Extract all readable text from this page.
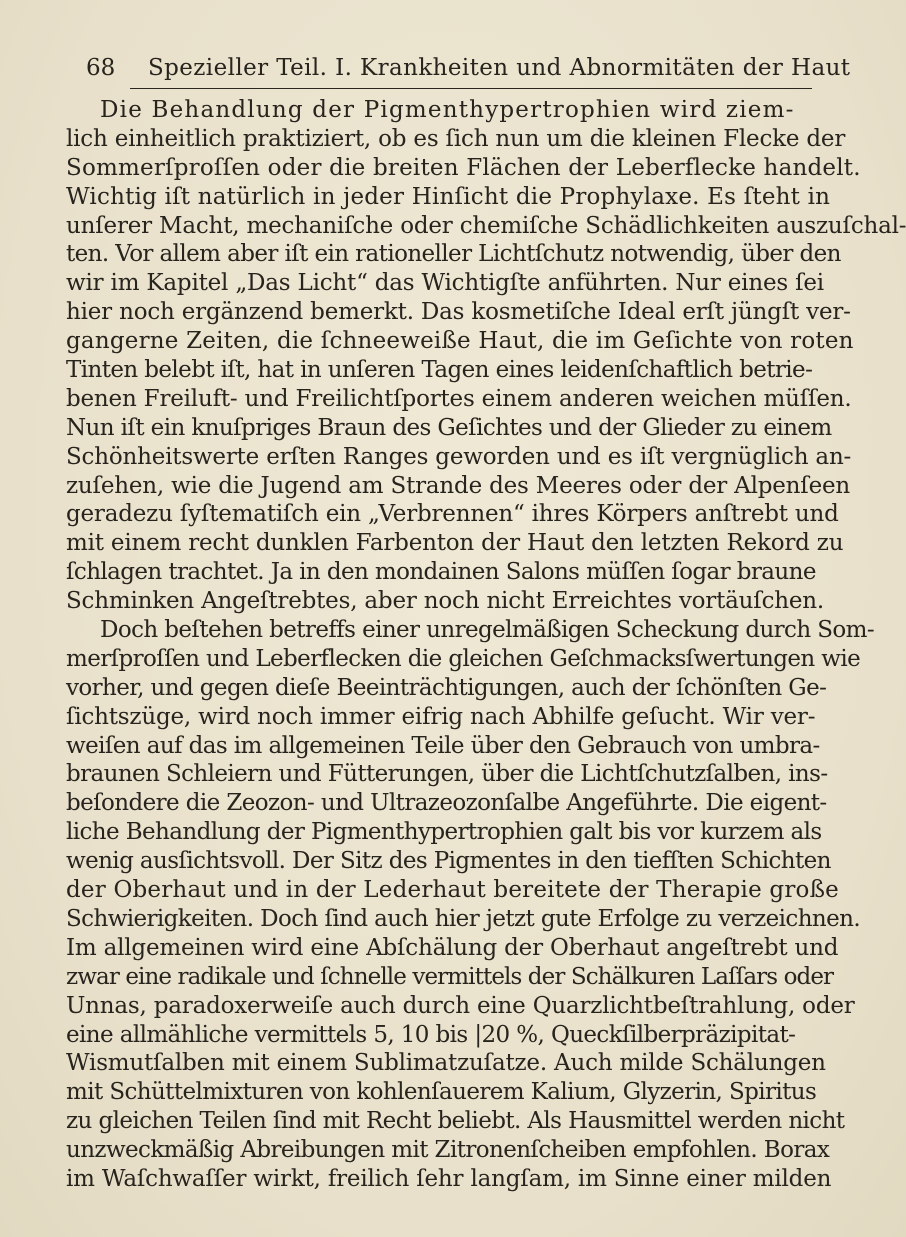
68 Spezieller Teil. I. Krankheiten und Abnormitäten der Haut
Die Behandlung der Pigmenthypertrophien wird ziem-
lich einheitlich praktiziert, ob es ſich nun um die kleinen Flecke der
Sommerſproſſen oder die breiten Flächen der Leberflecke handelt.
Wichtig iſt natürlich in jeder Hinſicht die Prophylaxe. Es ſteht in
unſerer Macht, mechaniſche oder chemiſche Schädlichkeiten auszuſchal-
ten. Vor allem aber iſt ein rationeller Lichtſchutz notwendig, über den
wir im Kapitel „Das Licht“ das Wichtigſte anführten. Nur eines ſei
hier noch ergänzend bemerkt. Das kosmetiſche Ideal erſt jüngſt ver-
gangerne Zeiten, die ſchneeweiße Haut, die im Geſichte von roten
Tinten belebt iſt, hat in unſeren Tagen eines leidenſchaftlich betrie-
benen Freiluft- und Freilichtſportes einem anderen weichen müſſen.
Nun iſt ein knuſpriges Braun des Geſichtes und der Glieder zu einem
Schönheitswerte erſten Ranges geworden und es iſt vergnüglich an-
zuſehen, wie die Jugend am Strande des Meeres oder der Alpenſeen
geradezu ſyſtematiſch ein „Verbrennen“ ihres Körpers anſtrebt und
mit einem recht dunklen Farbenton der Haut den letzten Rekord zu
ſchlagen trachtet. Ja in den mondainen Salons müſſen ſogar braune
Schminken Angeſtrebtes, aber noch nicht Erreichtes vortäuſchen.
Doch beſtehen betreffs einer unregelmäßigen Scheckung durch Som-
merſproſſen und Leberflecken die gleichen Geſchmacksſwertungen wie
vorher, und gegen dieſe Beeinträchtigungen, auch der ſchönſten Ge-
ſichtszüge, wird noch immer eifrig nach Abhilfe geſucht. Wir ver-
weiſen auf das im allgemeinen Teile über den Gebrauch von umbra-
braunen Schleiern und Fütterungen, über die Lichtſchutzſalben, ins-
beſondere die Zeozon- und Ultrazeozonſalbe Angeführte. Die eigent-
liche Behandlung der Pigmenthypertrophien galt bis vor kurzem als
wenig ausſichtsvoll. Der Sitz des Pigmentes in den tiefſten Schichten
der Oberhaut und in der Lederhaut bereitete der Therapie große
Schwierigkeiten. Doch ſind auch hier jetzt gute Erfolge zu verzeichnen.
Im allgemeinen wird eine Abſchälung der Oberhaut angeſtrebt und
zwar eine radikale und ſchnelle vermittels der Schälkuren Laſſars oder
Unnas, paradoxerweiſe auch durch eine Quarzlichtbeſtrahlung, oder
eine allmähliche vermittels 5, 10 bis |20 %, Queckſilberpräzipitat-
Wismutſalben mit einem Sublimatzuſatze. Auch milde Schälungen
mit Schüttelmixturen von kohlenſauerem Kalium, Glyzerin, Spiritus
zu gleichen Teilen ſind mit Recht beliebt. Als Hausmittel werden nicht
unzweckmäßig Abreibungen mit Zitronenſcheiben empfohlen. Borax
im Waſchwaſſer wirkt, freilich ſehr langſam, im Sinne einer milden
